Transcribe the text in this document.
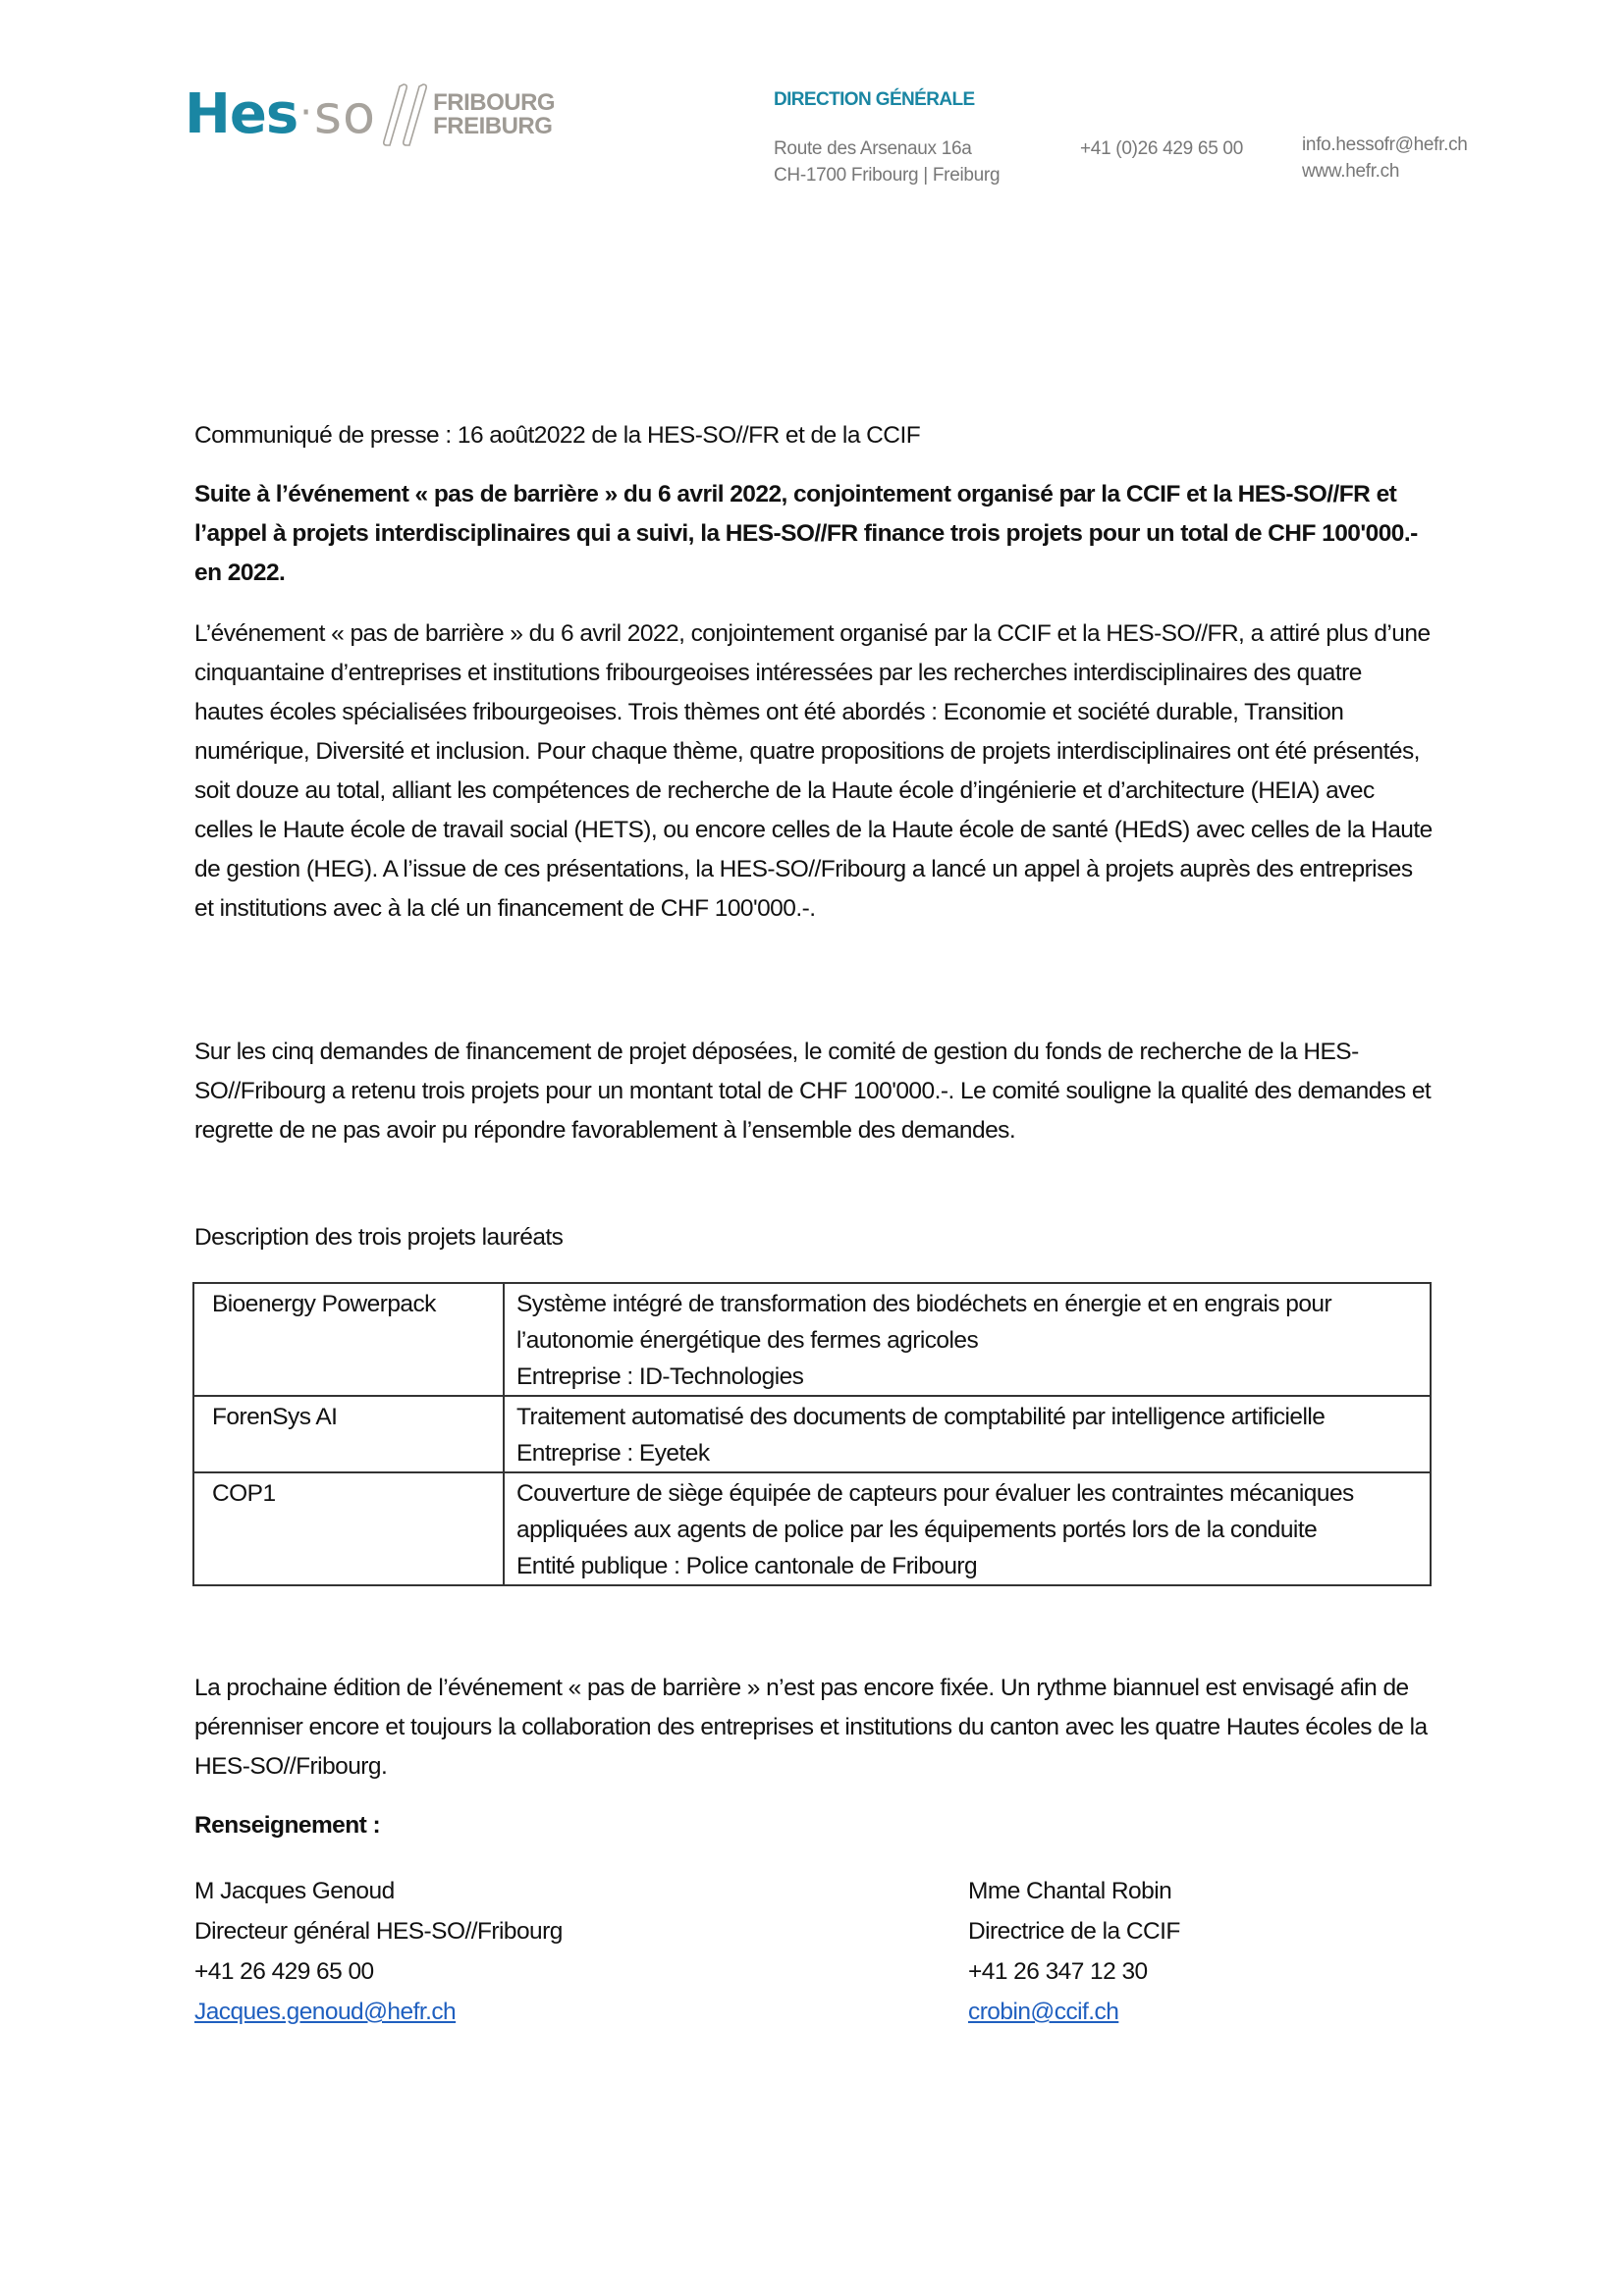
Hes · so FRIBOURG
FREIBURG
DIRECTION GÉNÉRALE
Route des Arsenaux 16a
CH-1700 Fribourg | Freiburg
+41 (0)26 429 65 00	info.hessofr@hefr.ch
www.hefr.ch
Communiqué de presse : 16 août2022 de la HES-SO//FR et de la CCIF
Suite à l’événement « pas de barrière » du 6 avril 2022, conjointement organisé par la CCIF et la HES-SO//FR et l’appel à projets interdisciplinaires qui a suivi, la HES-SO//FR finance trois projets pour un total de CHF 100'000.- en 2022.
L’événement « pas de barrière » du 6 avril 2022, conjointement organisé par la CCIF et la HES-SO//FR, a attiré plus d’une cinquantaine d’entreprises et institutions fribourgeoises intéressées par les recherches interdisciplinaires des quatre hautes écoles spécialisées fribourgeoises. Trois thèmes ont été abordés : Economie et société durable, Transition numérique, Diversité et inclusion. Pour chaque thème, quatre propositions de projets interdisciplinaires ont été présentés, soit douze au total, alliant les compétences de recherche de la Haute école d’ingénierie et d’architecture (HEIA) avec celles le Haute école de travail social (HETS), ou encore celles de la Haute école de santé (HEdS) avec celles de la Haute de gestion (HEG). A l’issue de ces présentations, la HES-SO//Fribourg a lancé un appel à projets auprès des entreprises et institutions avec à la clé un financement de CHF 100'000.-.
Sur les cinq demandes de financement de projet déposées, le comité de gestion du fonds de recherche de la HES-SO//Fribourg a retenu trois projets pour un montant total de CHF 100'000.-. Le comité souligne la qualité des demandes et regrette de ne pas avoir pu répondre favorablement à l’ensemble des demandes.
Description des trois projets lauréats
Bioenergy Powerpack	Système intégré de transformation des biodéchets en énergie et en engrais pour l’autonomie énergétique des fermes agricoles
Entreprise : ID-Technologies

ForenSys AI	Traitement automatisé des documents de comptabilité par intelligence artificielle
Entreprise : Eyetek

COP1	Couverture de siège équipée de capteurs pour évaluer les contraintes mécaniques appliquées aux agents de police par les équipements portés lors de la conduite
Entité publique : Police cantonale de Fribourg
La prochaine édition de l’événement « pas de barrière » n’est pas encore fixée. Un rythme biannuel est envisagé afin de pérenniser encore et toujours la collaboration des entreprises et institutions du canton avec les quatre Hautes écoles de la HES-SO//Fribourg.
Renseignement :
M Jacques Genoud
Directeur général HES-SO//Fribourg
+41 26 429 65 00
Jacques.genoud@hefr.ch
Mme Chantal Robin
Directrice de la CCIF
+41 26 347 12 30
crobin@ccif.ch
